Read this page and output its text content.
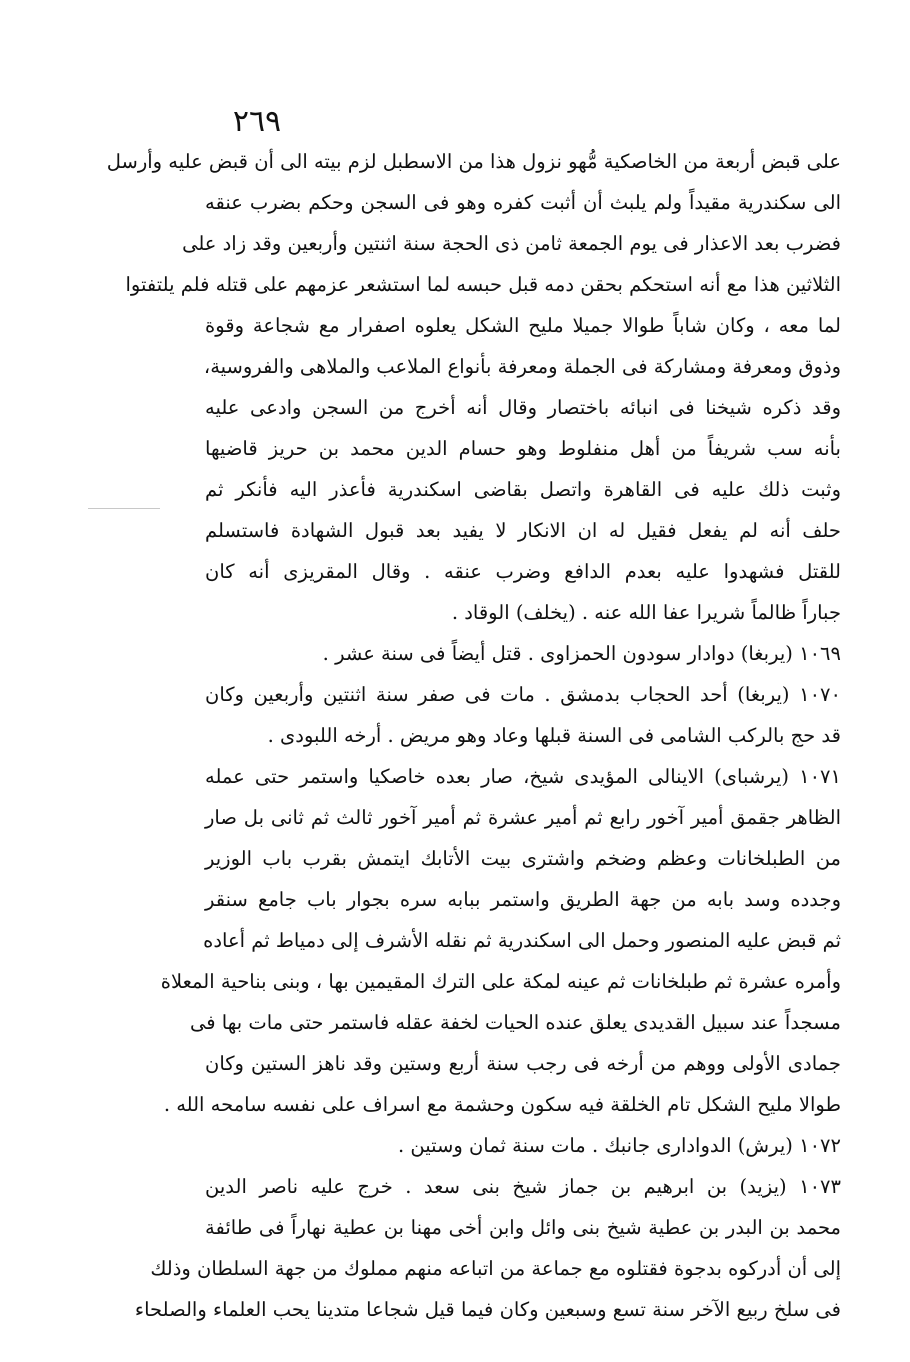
٢٦٩
على قبض أربعة من الخاصكية مُّهو نزول هذا من الاسطبل لزم بيته الى أن قبض عليه وأرسل
الى سكندرية مقيداً ولم يلبث أن أثبت كفره وهو فى السجن وحكم بضرب عنقه
فضرب بعد الاعذار فى يوم الجمعة ثامن ذى الحجة سنة اثنتين وأربعين وقد زاد على
الثلاثين هذا مع أنه استحكم بحقن دمه قبل حبسه لما استشعر عزمهم على قتله فلم يلتفتوا
لما معه ، وكان شاباً طوالا جميلا مليح الشكل يعلوه اصفرار مع شجاعة وقوة
وذوق ومعرفة ومشاركة فى الجملة ومعرفة بأنواع الملاعب والملاهى والفروسية،
وقد ذكره شيخنا فى انبائه باختصار وقال أنه أخرج من السجن وادعى عليه
بأنه سب شريفاً من أهل منفلوط وهو حسام الدين محمد بن حريز قاضيها
وثبت ذلك عليه فى القاهرة واتصل بقاضى اسكندرية فأعذر اليه فأنكر ثم
حلف أنه لم يفعل فقيل له ان الانكار لا يفيد بعد قبول الشهادة فاستسلم
للقتل فشهدوا عليه بعدم الدافع وضرب عنقه . وقال المقريزى أنه كان
جباراً ظالماً شريرا عفا الله عنه . (يخلف) الوقاد .
١٠٦٩ (يربغا) دوادار سودون الحمزاوى . قتل أيضاً فى سنة عشر .
١٠٧٠ (يربغا) أحد الحجاب بدمشق . مات فى صفر سنة اثنتين وأربعين وكان
قد حج بالركب الشامى فى السنة قبلها وعاد وهو مريض . أرخه اللبودى .
١٠٧١ (يرشباى) الاينالى المؤيدى شيخ، صار بعده خاصكيا واستمر حتى عمله
الظاهر جقمق أمير آخور رابع ثم أمير عشرة ثم أمير آخور ثالث ثم ثانى بل صار
من الطبلخانات وعظم وضخم واشترى بيت الأتابك ايتمش بقرب باب الوزير
وجدده وسد بابه من جهة الطريق واستمر ببابه سره بجوار باب جامع سنقر
ثم قبض عليه المنصور وحمل الى اسكندرية ثم نقله الأشرف إلى دمياط ثم أعاده
وأمره عشرة ثم طبلخانات ثم عينه لمكة على الترك المقيمين بها ، وبنى بناحية المعلاة
مسجداً عند سبيل القديدى يعلق عنده الحيات لخفة عقله فاستمر حتى مات بها فى
جمادى الأولى ووهم من أرخه فى رجب سنة أربع وستين وقد ناهز الستين وكان
طوالا مليح الشكل تام الخلقة فيه سكون وحشمة مع اسراف على نفسه سامحه الله .
١٠٧٢ (يرش) الدوادارى جانبك . مات سنة ثمان وستين .
١٠٧٣ (يزيد) بن ابرهيم بن جماز شيخ بنى سعد . خرج عليه ناصر الدين
محمد بن البدر بن عطية شيخ بنى وائل وابن أخى مهنا بن عطية نهاراً فى طائفة
إلى أن أدركوه بدجوة فقتلوه مع جماعة من اتباعه منهم مملوك من جهة السلطان وذلك
فى سلخ ربيع الآخر سنة تسع وسبعين وكان فيما قيل شجاعا متدينا يحب العلماء والصلحاء
